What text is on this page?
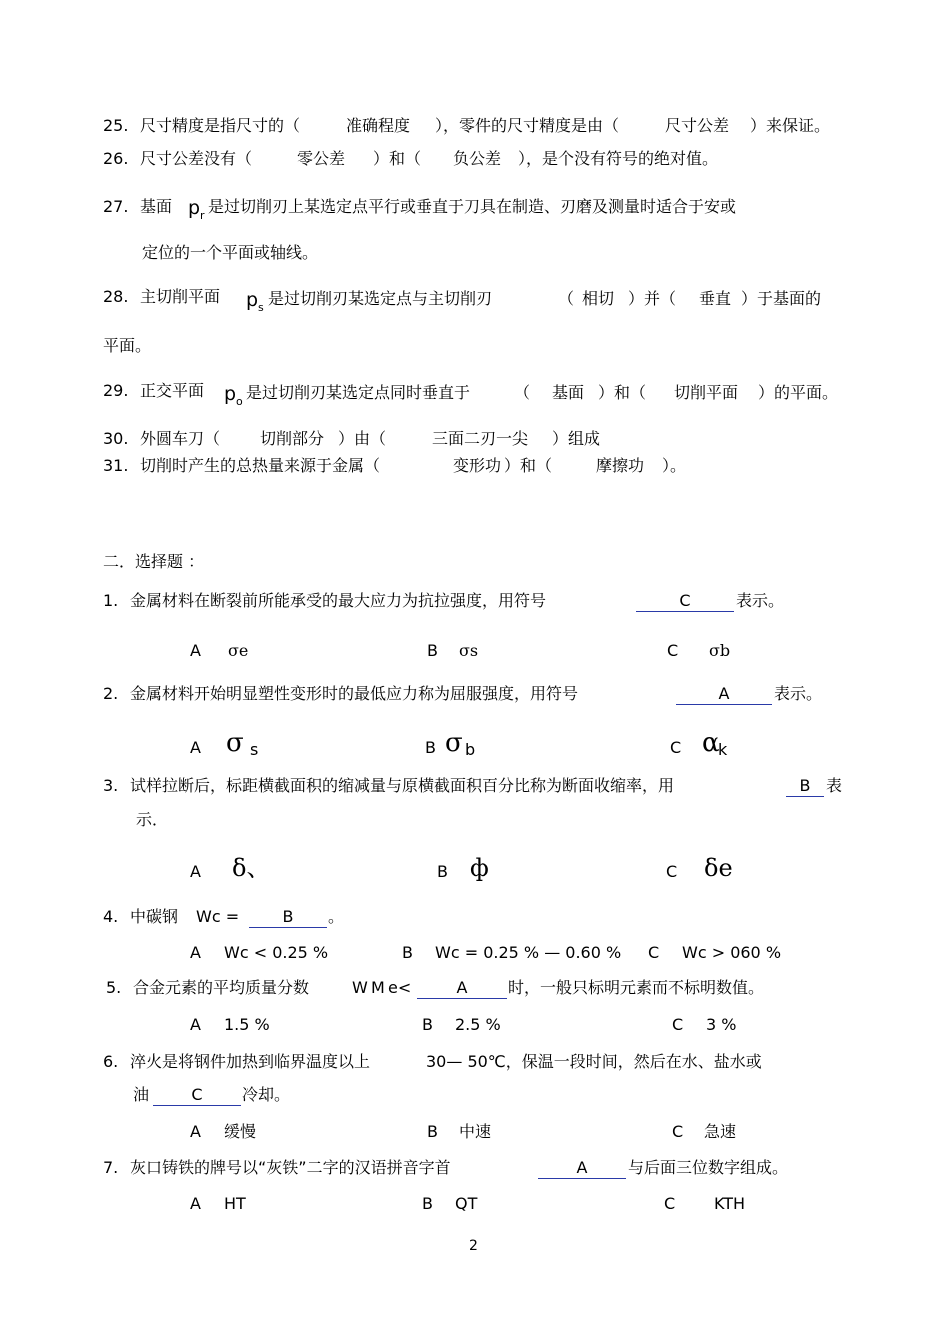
25. 尺寸精度是指尺寸的（	准确程度 ），零件的尺寸精度是由（	尺寸公差 ）来保证。
26. 尺寸公差没有（	零公差 ）和（ 负公差 ），是个没有符号的绝对值。
27. 基面 p r 是过切削刃上某选定点平行或垂直于刀具在制造、刃磨及测量时适合于安或
定位的一个平面或轴线。
28. 主切削平面 p s 是过切削刃某选定点与主切削刃	（ 相切 ）并（ 垂直 ）于基面的
平面。
29. 正交平面 p o 是过切削刃某选定点同时垂直于	（ 基面 ）和（ 切削平面 ）的平面。
30. 外圆车刀（ 切削部分 ）由（	三面二刃一尖 ）组成
31. 切削时产生的总热量来源于金属（	变形功 ）和（	摩擦功 ）。
二．选择题 ：
1. 金属材料在断裂前所能承受的最大应力为抗拉强度，用符号	C	表示。
A σe	B σs	C σb
2. 金属材料开始明显塑性变形时的最低应力称为屈服强度，用符号	A	表示。
A σ s	B σ b	C α
k
3. 试样拉断后，标距横截面积的缩减量与原横截面积百分比称为断面收缩率，用	B 表
示．
A δ、	B ф	C δe
4. 中碳钢 Wc =	B	。
A Wc < 0.25 %	B Wc = 0.25 % — 0.60 % C Wc > 060 %
5. 合金元素的平均质量分数	W M e<	A	时，一般只标明元素而不标明数值。
A 1.5 %	B 2.5 %	C 3 %
6. 淬火是将钢件加热到临界温度以上	30— 50℃，保温一段时间，然后在水、盐水或
油	C	冷却。
A 缓慢	B 中速	C 急速
7. 灰口铸铁的牌号以“灰铁”二字的汉语拼音字首	A	与后面三位数字组成。
A HT	B QT	C KTH
2
